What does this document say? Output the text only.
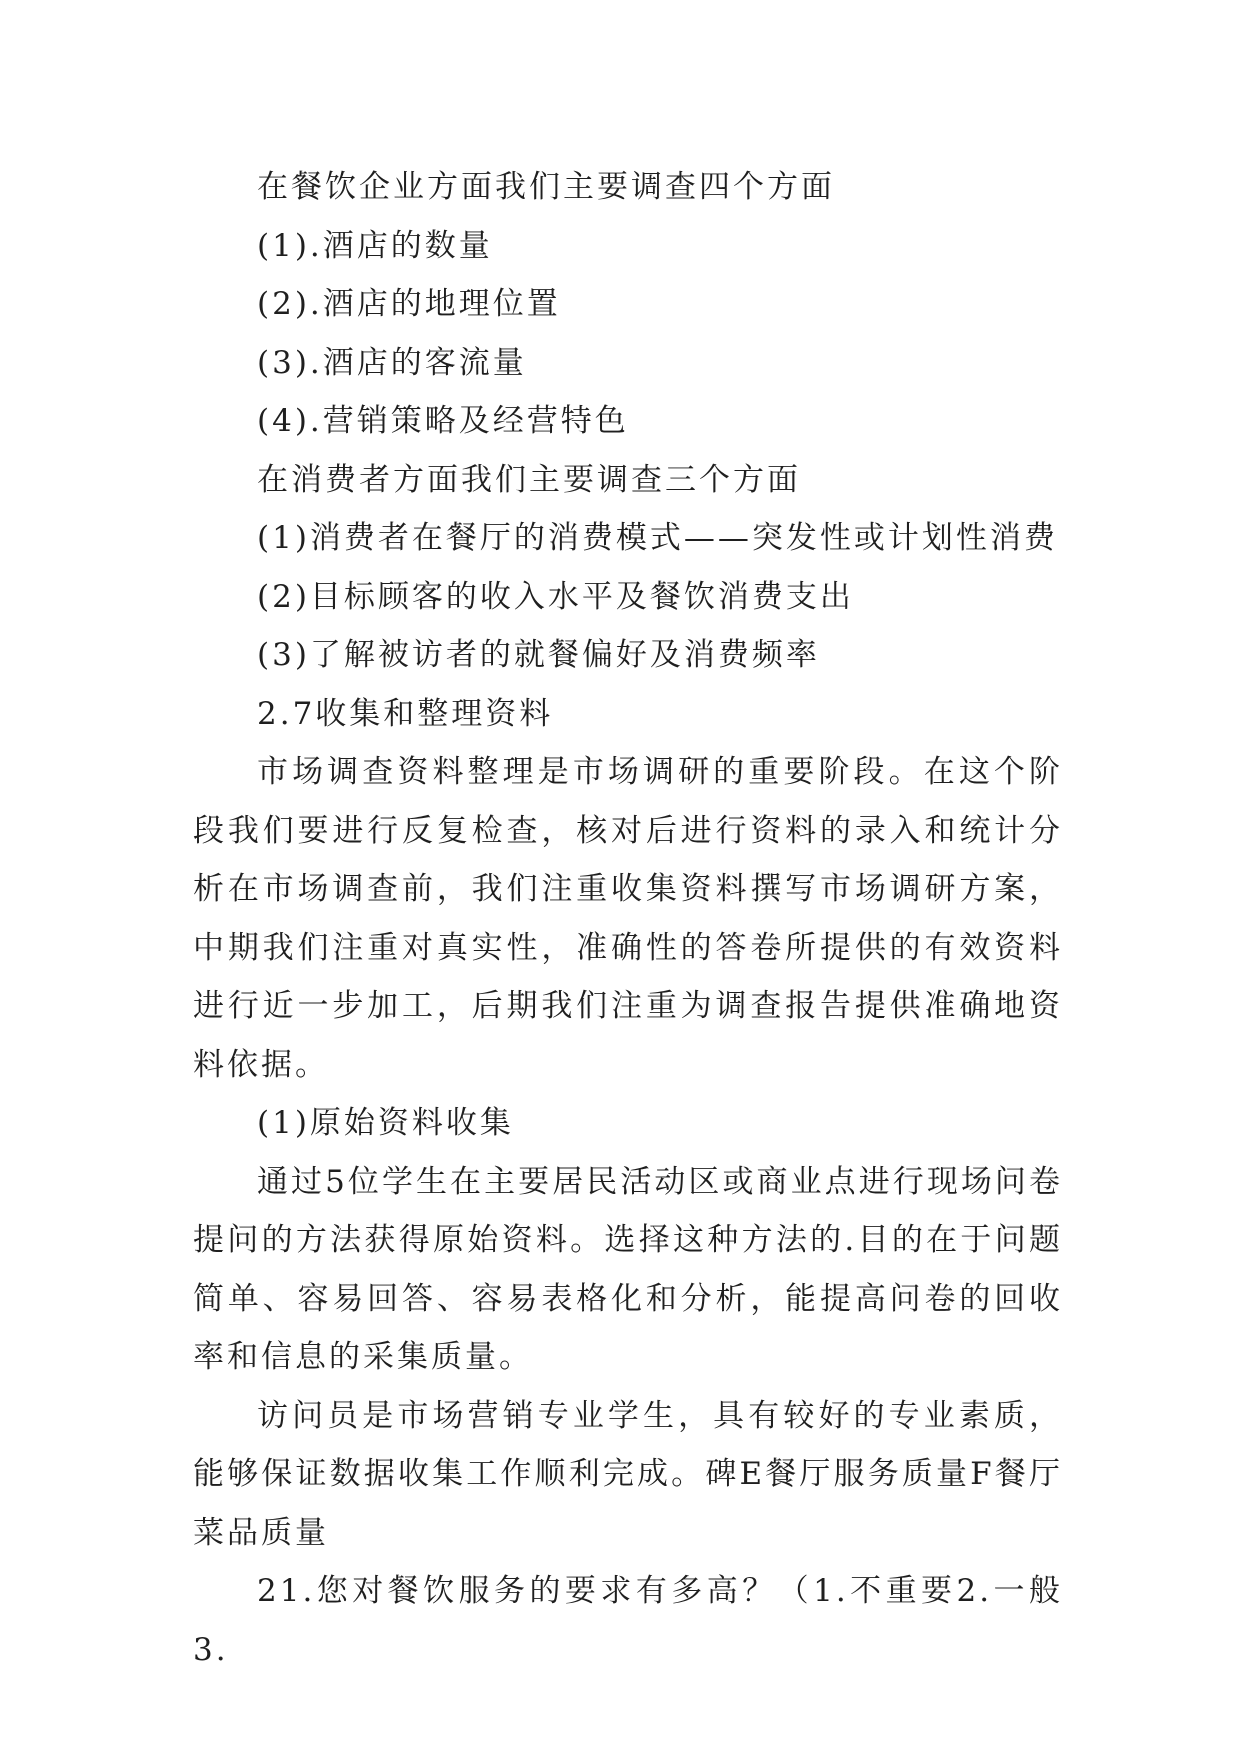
在餐饮企业方面我们主要调查四个方面

(1).酒店的数量

(2).酒店的地理位置

(3).酒店的客流量

(4).营销策略及经营特色

在消费者方面我们主要调查三个方面

(1)消费者在餐厅的消费模式——突发性或计划性消费

(2)目标顾客的收入水平及餐饮消费支出

(3)了解被访者的就餐偏好及消费频率

2.7收集和整理资料

市场调查资料整理是市场调研的重要阶段。在这个阶段我们要进行反复检查，核对后进行资料的录入和统计分析在市场调查前，我们注重收集资料撰写市场调研方案，中期我们注重对真实性，准确性的答卷所提供的有效资料进行近一步加工，后期我们注重为调查报告提供准确地资料依据。

(1)原始资料收集

通过5位学生在主要居民活动区或商业点进行现场问卷提问的方法获得原始资料。选择这种方法的.目的在于问题简单、容易回答、容易表格化和分析，能提高问卷的回收率和信息的采集质量。

访问员是市场营销专业学生，具有较好的专业素质，能够保证数据收集工作顺利完成。碑E餐厅服务质量F餐厅菜品质量

21.您对餐饮服务的要求有多高？（1.不重要2.一般3.
